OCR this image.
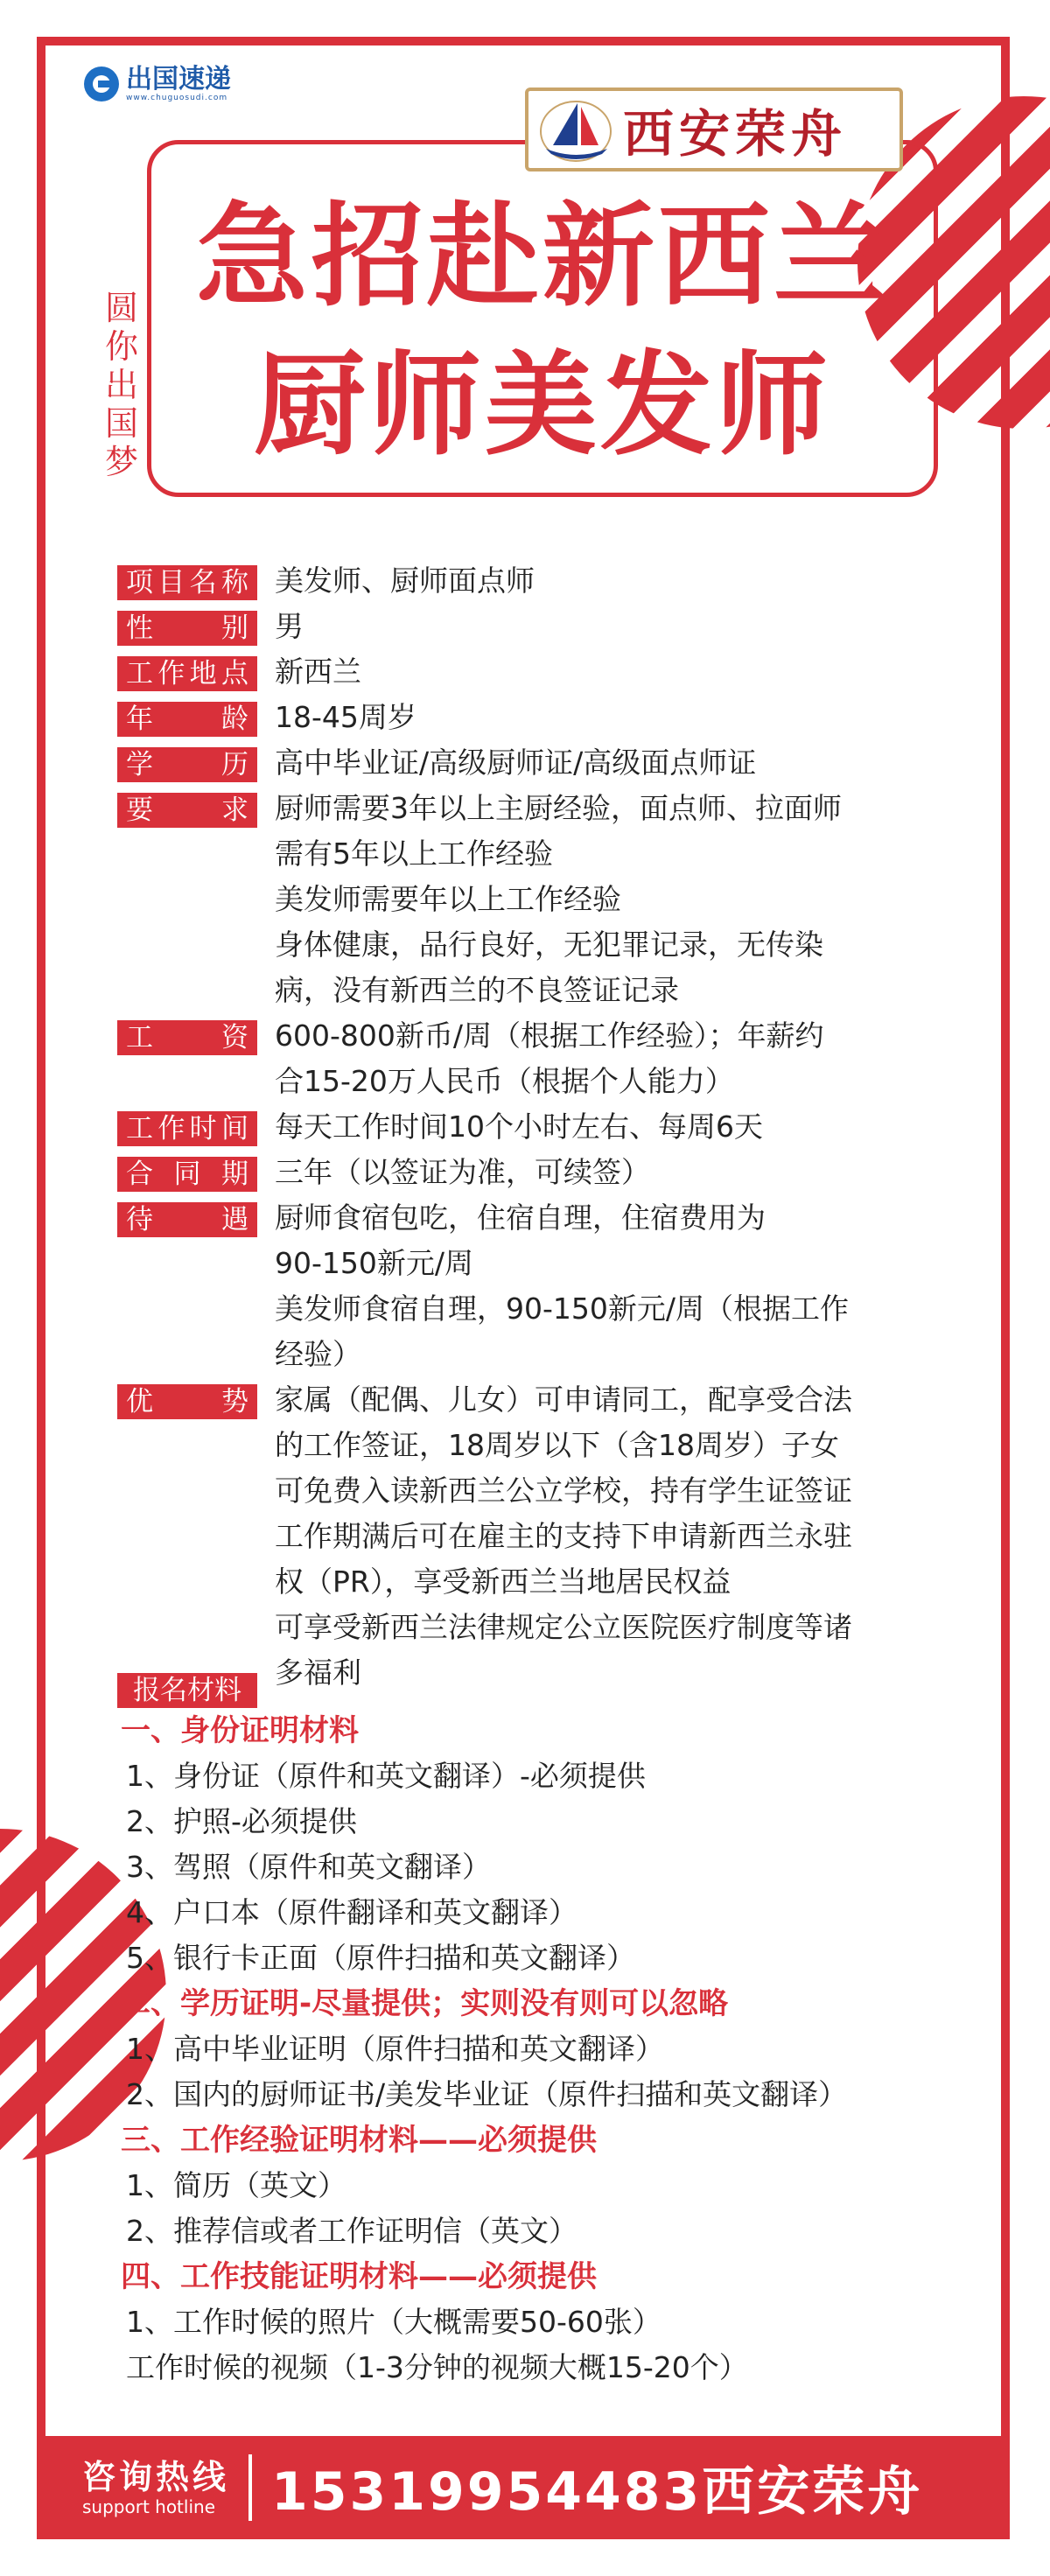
出国速递
www.chuguosudi.com
西安荣舟
急招赴新西兰
厨师美发师
圆
你
出
国
梦
项目名称 美发师、厨师面点师
性 别 男
工作地点 新西兰
年 龄 18-45周岁
学 历 高中毕业证/高级厨师证/高级面点师证
要 求 厨师需要3年以上主厨经验，面点师、拉面师
需有5年以上工作经验
美发师需要年以上工作经验
身体健康，品行良好，无犯罪记录，无传染
病，没有新西兰的不良签证记录
工 资 600-800新币/周（根据工作经验）；年薪约
合15-20万人民币（根据个人能力）
工作时间 每天工作时间10个小时左右、每周6天
合同期 三年（以签证为准，可续签）
待 遇 厨师食宿包吃，住宿自理，住宿费用为
90-150新元/周
美发师食宿自理，90-150新元/周（根据工作
经验）
优 势 家属（配偶、儿女）可申请同工，配享受合法
的工作签证，18周岁以下（含18周岁）子女
可免费入读新西兰公立学校，持有学生证签证
工作期满后可在雇主的支持下申请新西兰永驻
权（PR），享受新西兰当地居民权益
可享受新西兰法律规定公立医院医疗制度等诸
多福利
报名材料
一、身份证明材料
1、身份证（原件和英文翻译）-必须提供
2、护照-必须提供
3、驾照（原件和英文翻译）
4、户口本（原件翻译和英文翻译）
5、银行卡正面（原件扫描和英文翻译）
二、学历证明-尽量提供；实则没有则可以忽略
1、高中毕业证明（原件扫描和英文翻译）
2、国内的厨师证书/美发毕业证（原件扫描和英文翻译）
三、工作经验证明材料——必须提供
1、简历（英文）
2、推荐信或者工作证明信（英文）
四、工作技能证明材料——必须提供
1、工作时候的照片（大概需要50-60张）
工作时候的视频（1-3分钟的视频大概15-20个）
咨询热线
support hotline 15319954483西安荣舟
